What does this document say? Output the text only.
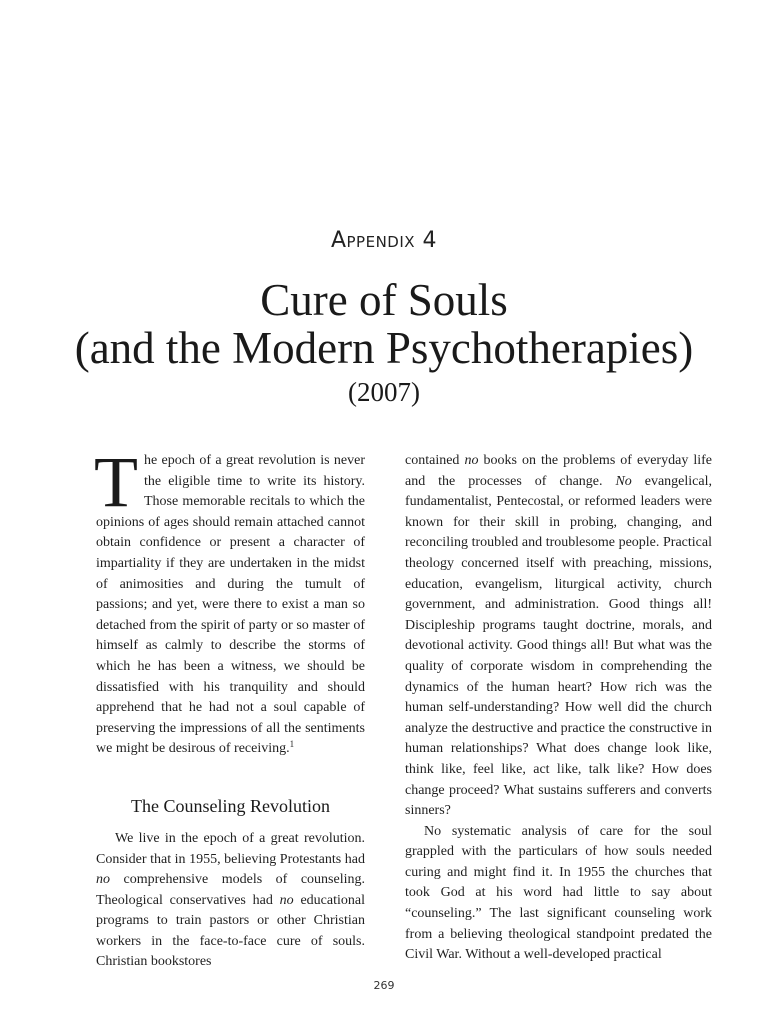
Appendix 4
Cure of Souls
(and the Modern Psychotherapies)
(2007)

The epoch of a great revolution is never the eligible time to write its history. Those memorable recitals to which the opinions of ages should remain attached cannot obtain confidence or present a character of impartiality if they are undertaken in the midst of animosities and during the tumult of passions; and yet, were there to exist a man so detached from the spirit of party or so master of himself as calmly to describe the storms of which he has been a witness, we should be dissatisfied with his tranquility and should apprehend that he had not a soul capable of preserving the impressions of all the sentiments we might be desirous of receiving.$^1$

The Counseling Revolution

We live in the epoch of a great revolution. Consider that in 1955, believing Protestants had no comprehensive models of counseling. Theological conservatives had no educational programs to train pastors or other Christian workers in the face-to-face cure of souls. Christian bookstores

contained no books on the problems of everyday life and the processes of change. No evangelical, fundamentalist, Pentecostal, or reformed leaders were known for their skill in probing, changing, and reconciling troubled and troublesome people. Practical theology concerned itself with preaching, missions, education, evangelism, liturgical activity, church government, and administration. Good things all! Discipleship programs taught doctrine, morals, and devotional activity. Good things all! But what was the quality of corporate wisdom in comprehending the dynamics of the human heart? How rich was the human self-understanding? How well did the church analyze the destructive and practice the constructive in human relationships? What does change look like, think like, feel like, act like, talk like? How does change proceed? What sustains sufferers and converts sinners?

No systematic analysis of care for the soul grappled with the particulars of how souls needed curing and might find it. In 1955 the churches that took God at his word had little to say about “counseling.” The last significant counseling work from a believing theological standpoint predated the Civil War. Without a well-developed practical

269
